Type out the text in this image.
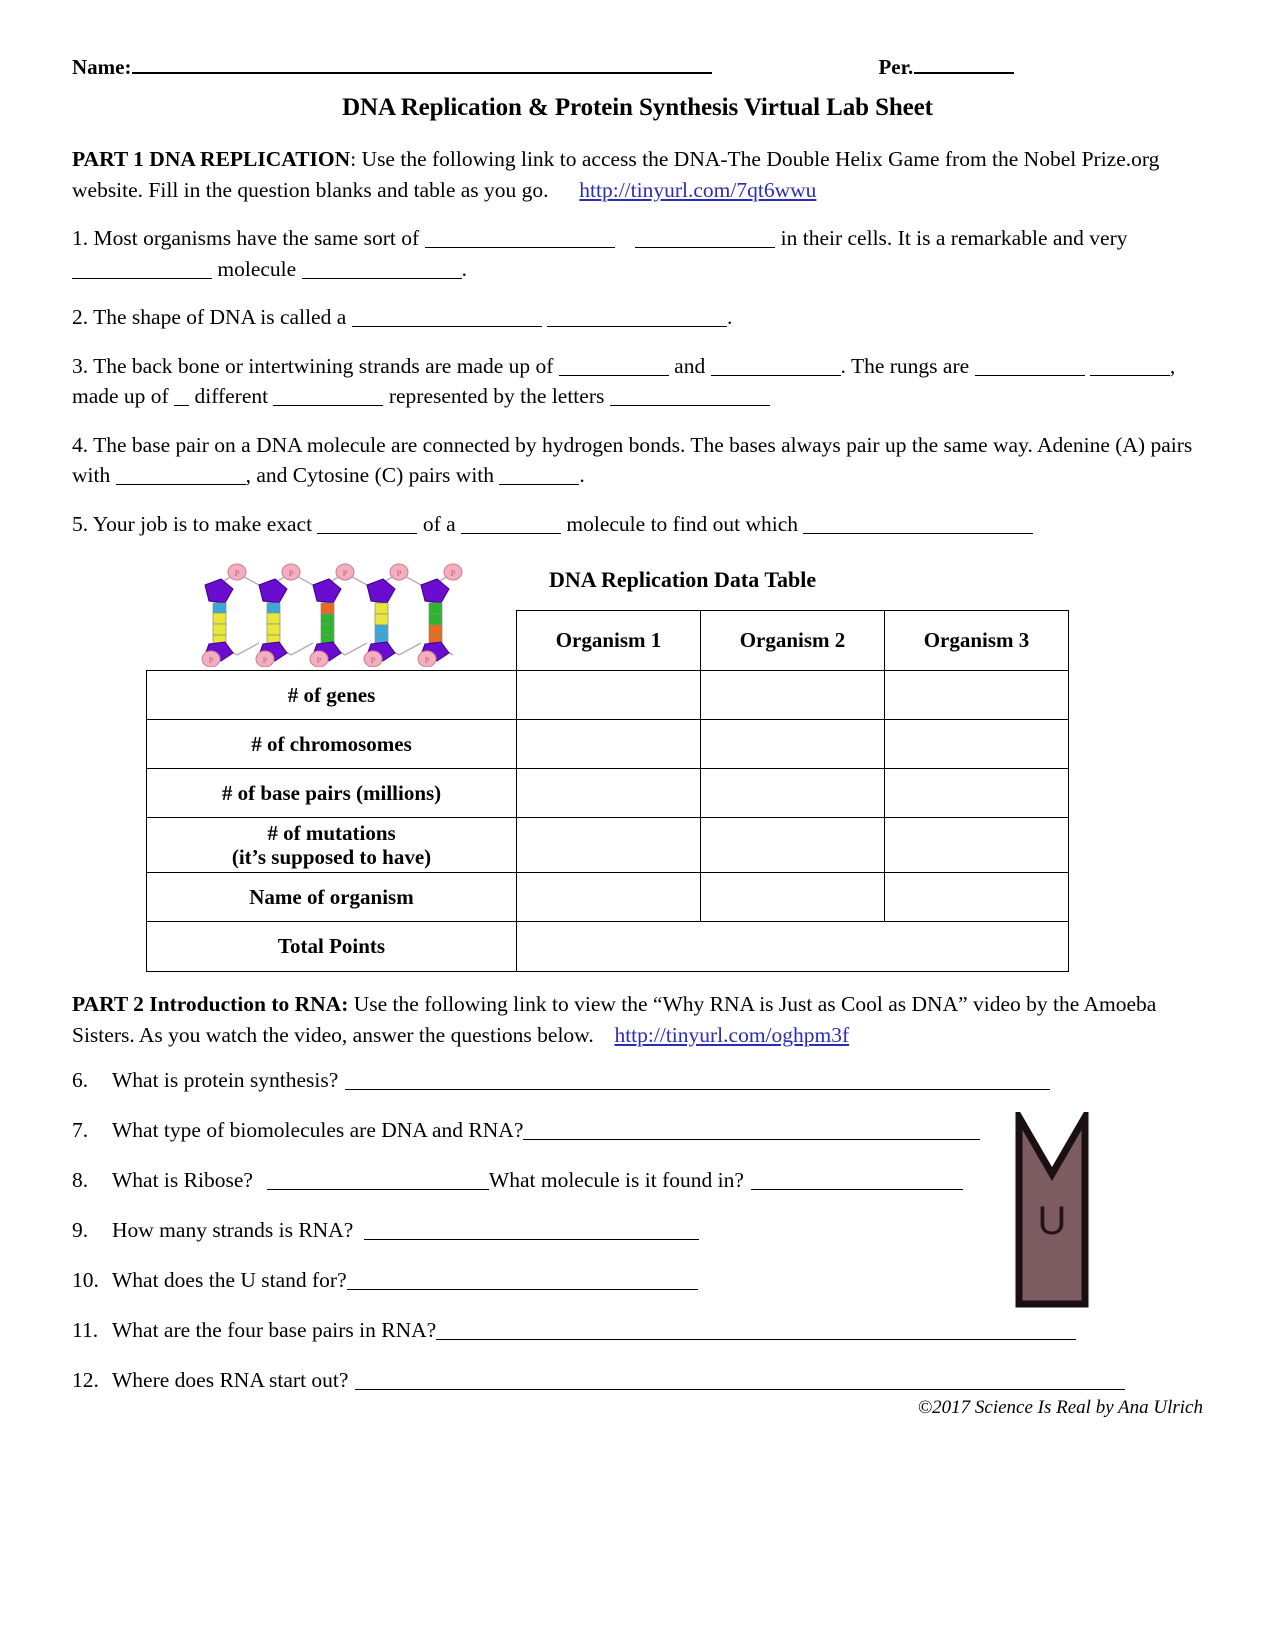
Name:	Per.
DNA Replication & Protein Synthesis Virtual Lab Sheet
PART 1 DNA REPLICATION: Use the following link to access the DNA-The Double Helix Game from the Nobel Prize.org website. Fill in the question blanks and table as you go. http://tinyurl.com/7qt6wwu
1. Most organisms have the same sort of	in their cells. It is a remarkable and very  molecule	.
2. The shape of DNA is called a	.
3. The back bone or intertwining strands are made up of	and	. The rungs are	, made up of different	represented by the letters
4. The base pair on a DNA molecule are connected by hydrogen bonds. The bases always pair up the same way. Adenine (A) pairs with	, and Cytosine (C) pairs with	.
5. Your job is to make exact	of a	molecule to find out which
P	P	P	P	P
P	P	P	P	P
DNA Replication Data Table
	Organism 1	Organism 2	Organism 3
# of genes			
# of chromosomes			
# of base pairs (millions)			

# of mutations
(it’s supposed to have)			

Name of organism			
Total Points			
PART 2 Introduction to RNA: Use the following link to view the “Why RNA is Just as Cool as DNA” video by the Amoeba Sisters. As you watch the video, answer the questions below. http://tinyurl.com/oghpm3f
6.	What is protein synthesis?
7.	What type of biomolecules are DNA and RNA?
8.	What is Ribose?	What molecule is it found in?
9.	How many strands is RNA?
10. What does the U stand for?
11. What are the four base pairs in RNA?
12. Where does RNA start out?
U
©2017 Science Is Real by Ana Ulrich
